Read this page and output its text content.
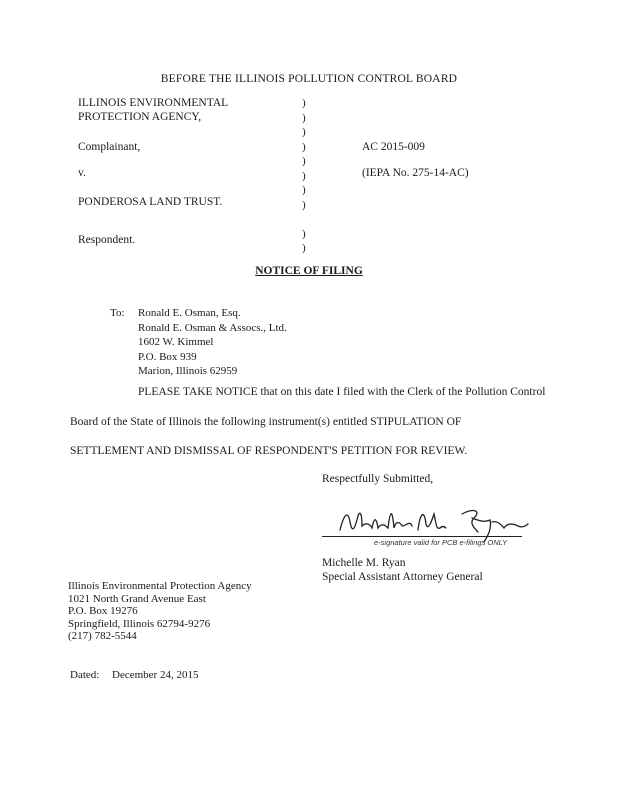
BEFORE THE ILLINOIS POLLUTION CONTROL BOARD
ILLINOIS ENVIRONMENTAL
PROTECTION AGENCY,
Complainant,
v.
PONDEROSA LAND TRUST.
Respondent.
)
)
)
)
)
)
)
)

)
)
AC 2015-009
(IEPA No. 275-14-AC)
NOTICE OF FILING
To: Ronald E. Osman, Esq.
Ronald E. Osman & Assocs., Ltd.
1602 W. Kimmel
P.O. Box 939
Marion, Illinois 62959
PLEASE TAKE NOTICE that on this date I filed with the Clerk of the Pollution Control
Board of the State of Illinois the following instrument(s) entitled STIPULATION OF
SETTLEMENT AND DISMISSAL OF RESPONDENT'S PETITION FOR REVIEW.
Respectfully Submitted,
e-signature valid for PCB e-filings ONLY
Michelle M. Ryan
Special Assistant Attorney General
Illinois Environmental Protection Agency
1021 North Grand Avenue East
P.O. Box 19276
Springfield, Illinois 62794-9276
(217) 782-5544
Dated: December 24, 2015
